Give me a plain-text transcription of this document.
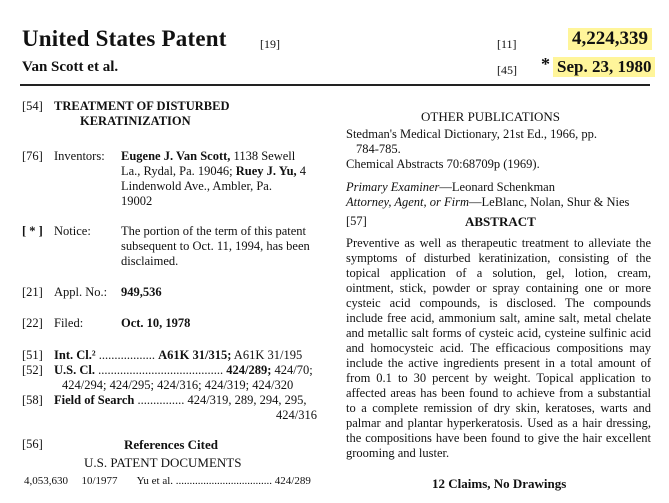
United States Patent	[19]	[11]	4,224,339
Van Scott et al.	[45] * Sep. 23, 1980
[54] TREATMENT OF DISTURBED
KERATINIZATION
[76] Inventors: Eugene J. Van Scott, 1138 Sewell
La., Rydal, Pa. 19046; Ruey J. Yu, 4
Lindenwold Ave., Ambler, Pa.
19002
[ * ] Notice: The portion of the term of this patent
subsequent to Oct. 11, 1994, has been
disclaimed.
[21] Appl. No.: 949,536
[22] Filed:	Oct. 10, 1978
[51] Int. Cl.² .................. A61K 31/315; A61K 31/195
[52] U.S. Cl. ........................................ 424/289; 424/70;
424/294; 424/295; 424/316; 424/319; 424/320
[58] Field of Search ............... 424/319, 289, 294, 295,
424/316
[56]	References Cited
U.S. PATENT DOCUMENTS
4,053,630 10/1977 Yu et al. ................................... 424/289
OTHER PUBLICATIONS
Stedman's Medical Dictionary, 21st Ed., 1966, pp.
784-785.
Chemical Abstracts 70:68709p (1969).
Primary Examiner—Leonard Schenkman
Attorney, Agent, or Firm—LeBlanc, Nolan, Shur & Nies
[57]	ABSTRACT
Preventive as well as therapeutic treatment to alleviate the symptoms of disturbed keratinization, consisting of the topical application of a solution, gel, lotion, cream, ointment, stick, powder or spray containing one or more cysteic acid compounds, is disclosed. The compounds include free acid, ammonium salt, amine salt, metal chelate and metallic salt forms of cysteic acid, cysteine sulfinic acid and homocysteic acid. The efficacious compositions may include the active ingredients present in a total amount of from 0.1 to 30 percent by weight. Topical application to affected areas has been found to achieve from a substantial to a complete remission of dry skin, keratoses, warts and palmar and plantar hyperkeratosis. Used as a hair dressing, the compositions have been found to give the hair excellent grooming and luster.
12 Claims, No Drawings
